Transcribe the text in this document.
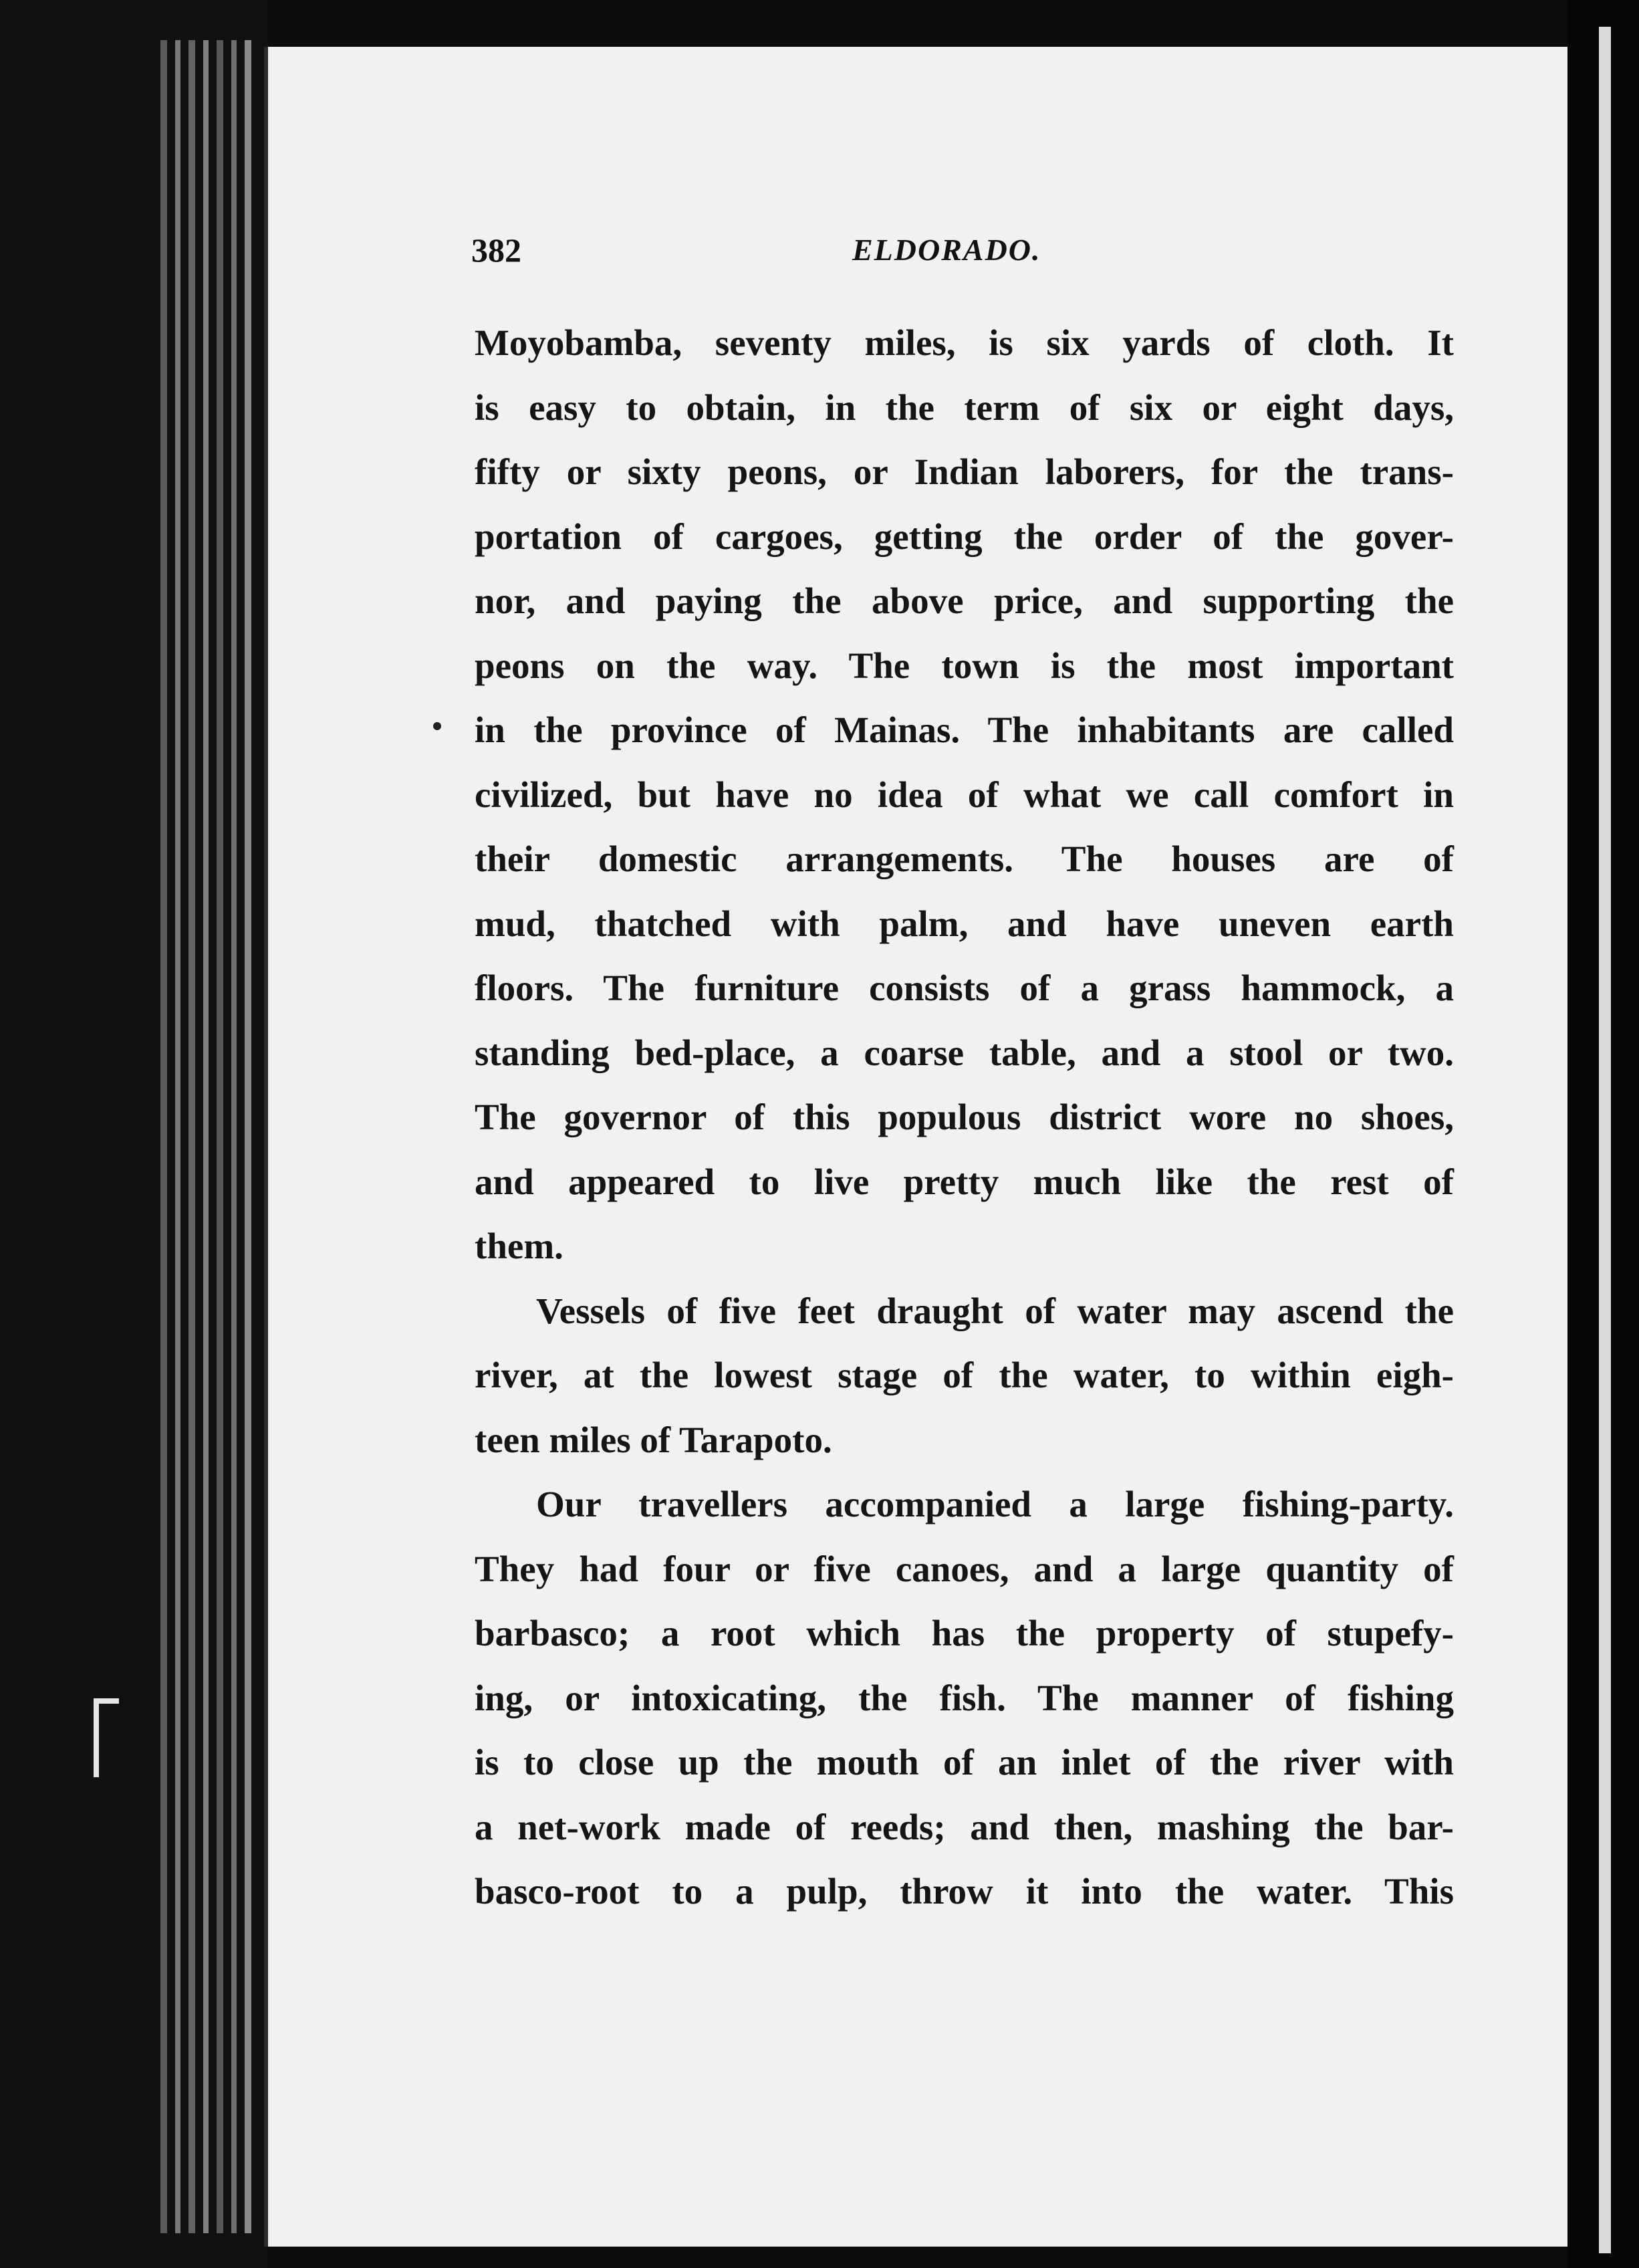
382	ELDORADO.
Moyobamba, seventy miles, is six yards of cloth. It
is easy to obtain, in the term of six or eight days,
fifty or sixty peons, or Indian laborers, for the trans-
portation of cargoes, getting the order of the gover-
nor, and paying the above price, and supporting the
peons on the way. The town is the most important
in the province of Mainas. The inhabitants are called
civilized, but have no idea of what we call comfort in
their domestic arrangements. The houses are of
mud, thatched with palm, and have uneven earth
floors. The furniture consists of a grass hammock, a
standing bed-place, a coarse table, and a stool or two.
The governor of this populous district wore no shoes,
and appeared to live pretty much like the rest of
them.
Vessels of five feet draught of water may ascend the
river, at the lowest stage of the water, to within eigh-
teen miles of Tarapoto.
Our travellers accompanied a large fishing-party.
They had four or five canoes, and a large quantity of
barbasco; a root which has the property of stupefy-
ing, or intoxicating, the fish. The manner of fishing
is to close up the mouth of an inlet of the river with
a net-work made of reeds; and then, mashing the bar-
basco-root to a pulp, throw it into the water. This
